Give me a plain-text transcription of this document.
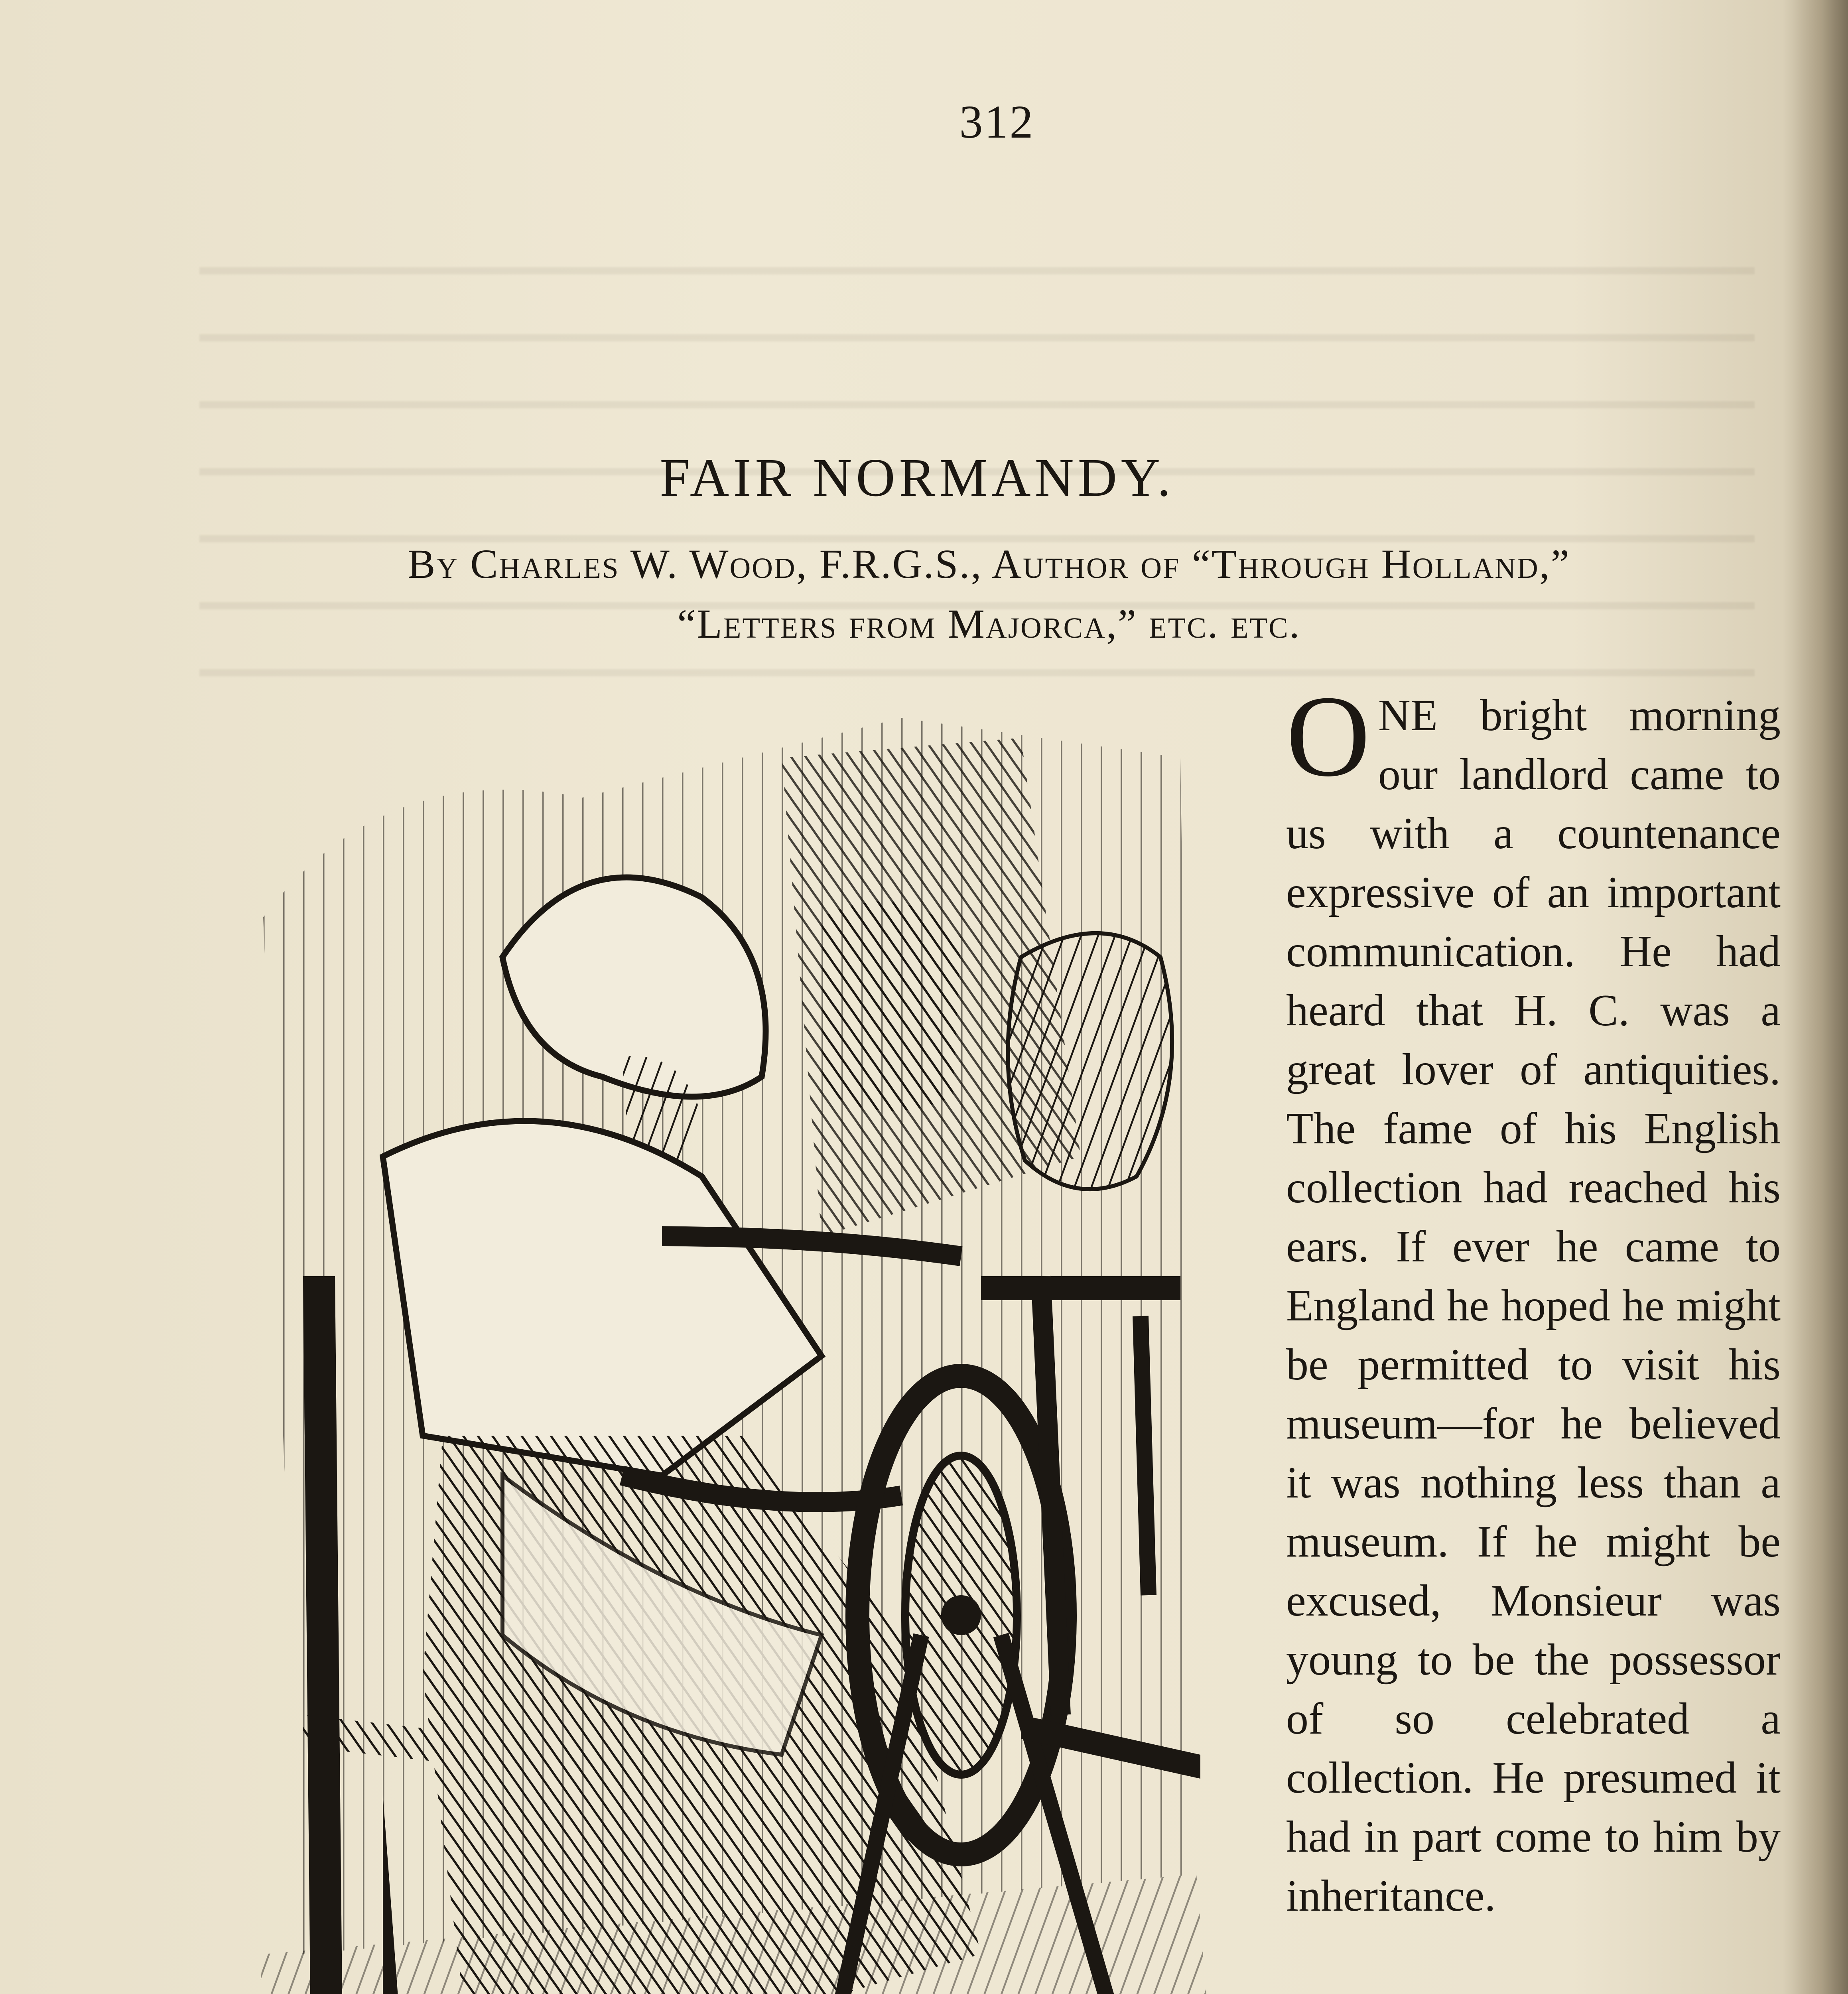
312
FAIR NORMANDY.
By Charles W. Wood, F.R.G.S., Author of “Through Holland,”
“Letters from Majorca,” etc. etc.
O NE bright morning our landlord came to us with a countenance expressive of an important communication. He had heard that H. C. was a great lover of antiquities. The fame of his English collection had reached his ears. If ever he came to England he hoped he might be permitted to visit his museum—for he believed it was nothing less than a museum. If he might be excused, Monsieur was young to be the possessor of so celebrated a collection. He presumed it had in part come to him by inheritance.
